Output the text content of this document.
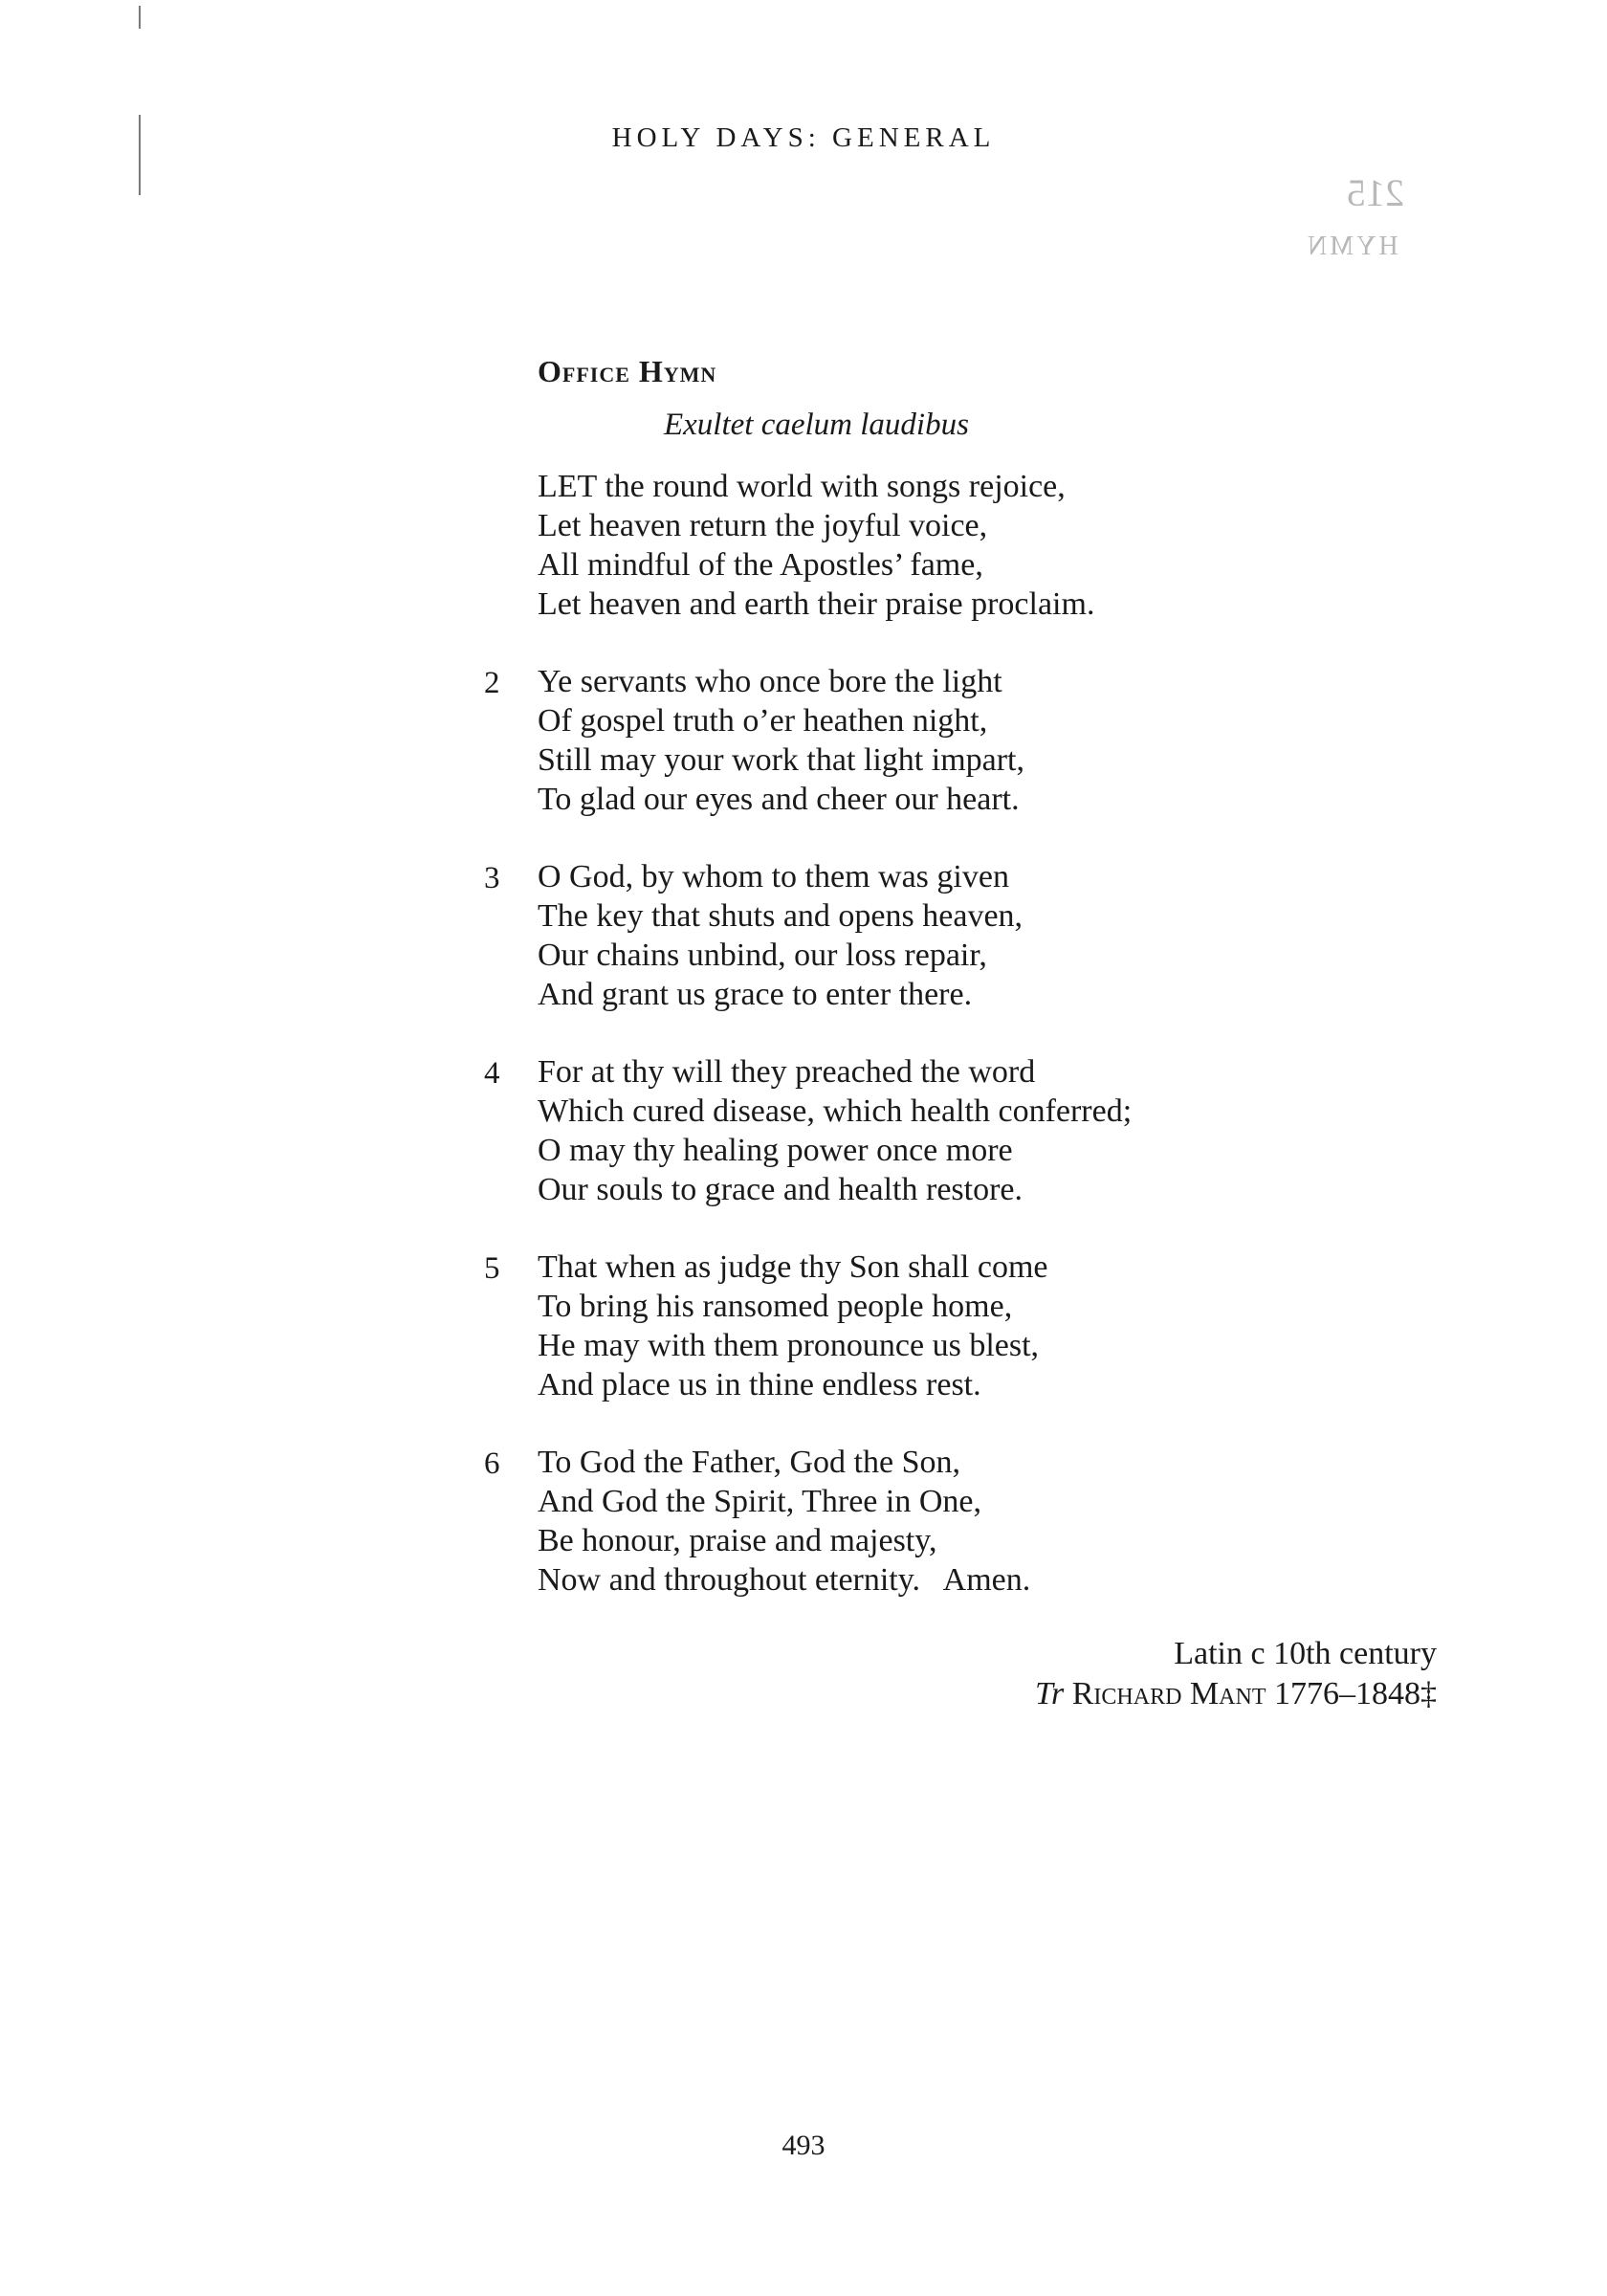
HOLY DAYS: GENERAL
215
HYMN
Office Hymn
Exultet caelum laudibus
LET the round world with songs rejoice,
Let heaven return the joyful voice,
All mindful of the Apostles’ fame,
Let heaven and earth their praise proclaim.
2 Ye servants who once bore the light
Of gospel truth o’er heathen night,
Still may your work that light impart,
To glad our eyes and cheer our heart.
3 O God, by whom to them was given
The key that shuts and opens heaven,
Our chains unbind, our loss repair,
And grant us grace to enter there.
4 For at thy will they preached the word
Which cured disease, which health conferred;
O may thy healing power once more
Our souls to grace and health restore.
5 That when as judge thy Son shall come
To bring his ransomed people home,
He may with them pronounce us blest,
And place us in thine endless rest.
6 To God the Father, God the Son,
And God the Spirit, Three in One,
Be honour, praise and majesty,
Now and throughout eternity.   Amen.
Latin c 10th century
Tr Richard Mant 1776–1848‡
493
